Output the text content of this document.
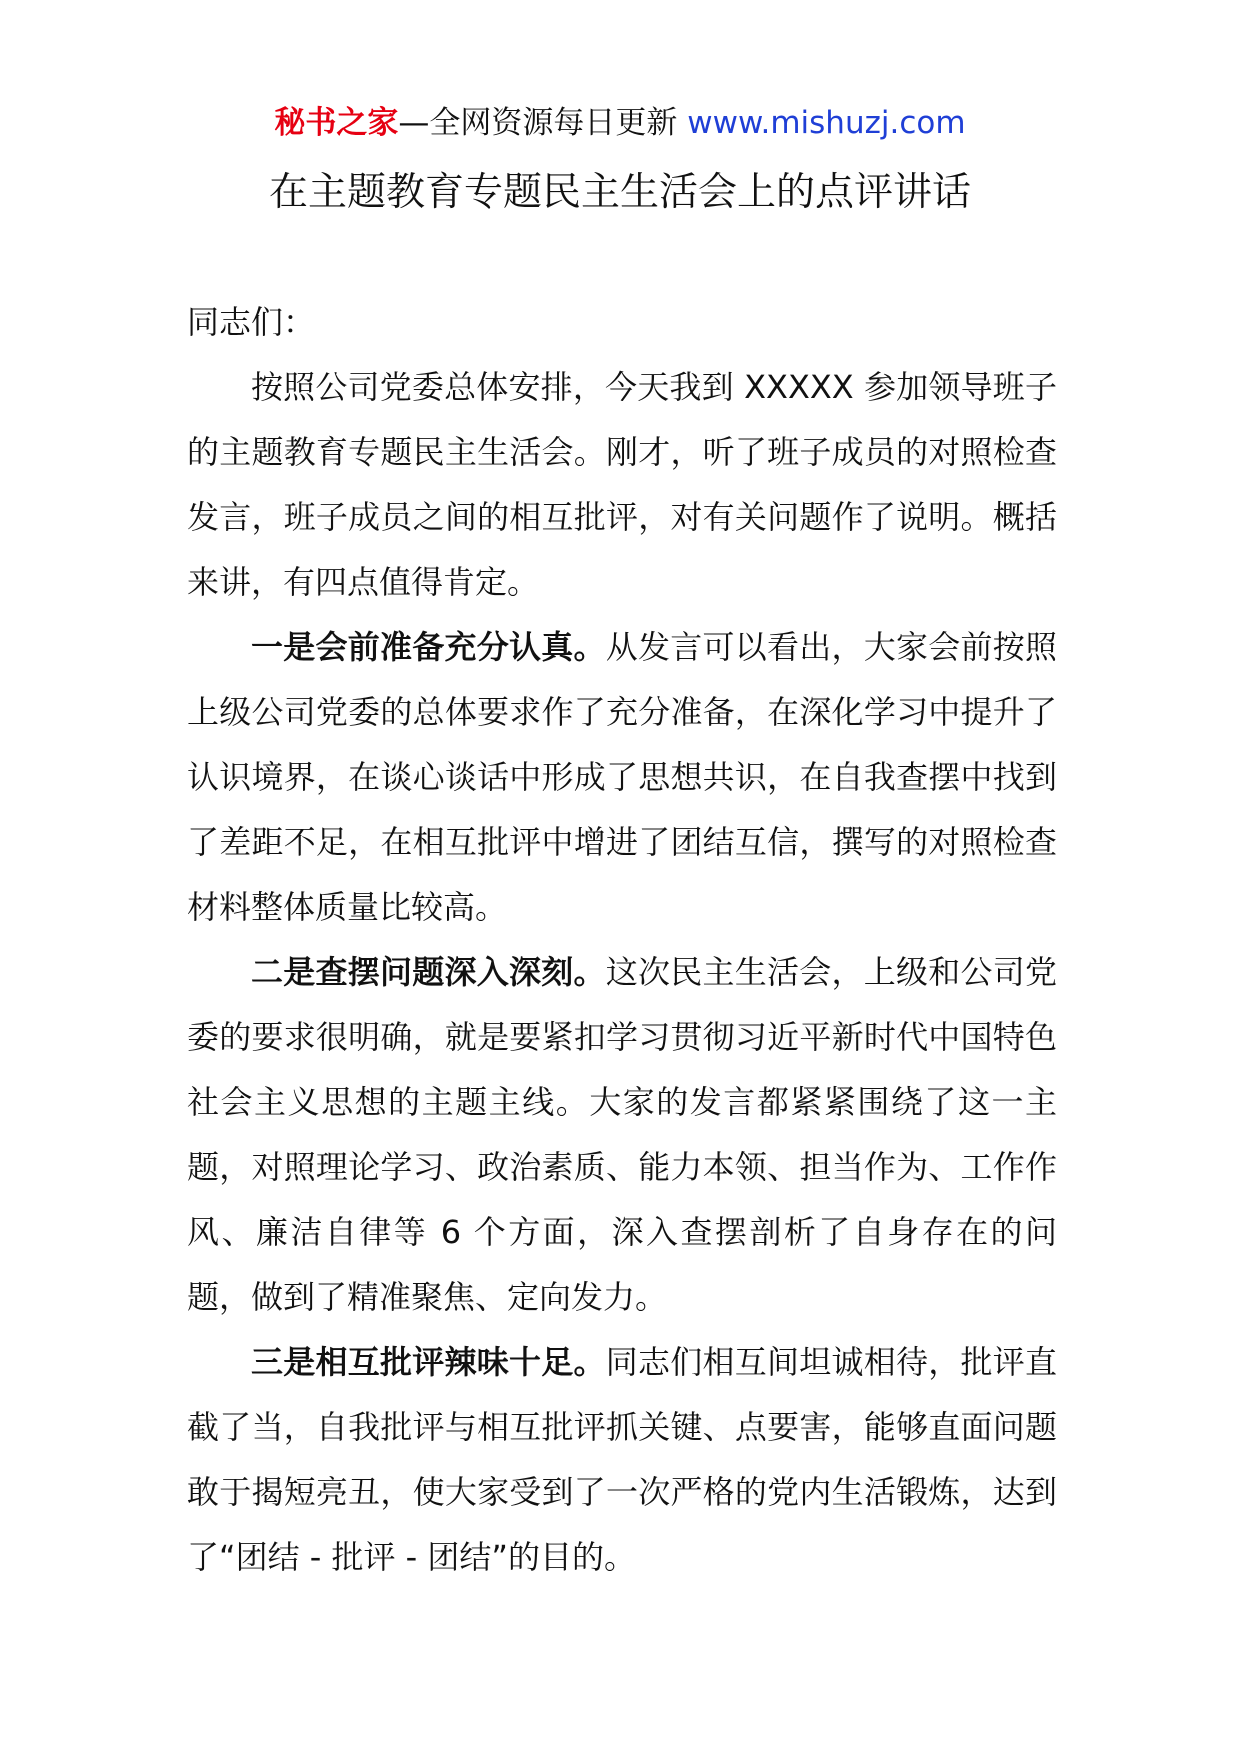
秘书之家—全网资源每日更新 www.mishuzj.com
在主题教育专题民主生活会上的点评讲话

同志们：

按照公司党委总体安排，今天我到 XXXXX 参加领导班子的主题教育专题民主生活会。刚才，听了班子成员的对照检查发言，班子成员之间的相互批评，对有关问题作了说明。概括来讲，有四点值得肯定。

一是会前准备充分认真。从发言可以看出，大家会前按照上级公司党委的总体要求作了充分准备，在深化学习中提升了认识境界，在谈心谈话中形成了思想共识，在自我查摆中找到了差距不足，在相互批评中增进了团结互信，撰写的对照检查材料整体质量比较高。

二是查摆问题深入深刻。这次民主生活会，上级和公司党委的要求很明确，就是要紧扣学习贯彻习近平新时代中国特色社会主义思想的主题主线。大家的发言都紧紧围绕了这一主题，对照理论学习、政治素质、能力本领、担当作为、工作作风、廉洁自律等 6 个方面，深入查摆剖析了自身存在的问题，做到了精准聚焦、定向发力。

三是相互批评辣味十足。同志们相互间坦诚相待，批评直截了当，自我批评与相互批评抓关键、点要害，能够直面问题敢于揭短亮丑，使大家受到了一次严格的党内生活锻炼，达到了“团结 - 批评 - 团结”的目的。
